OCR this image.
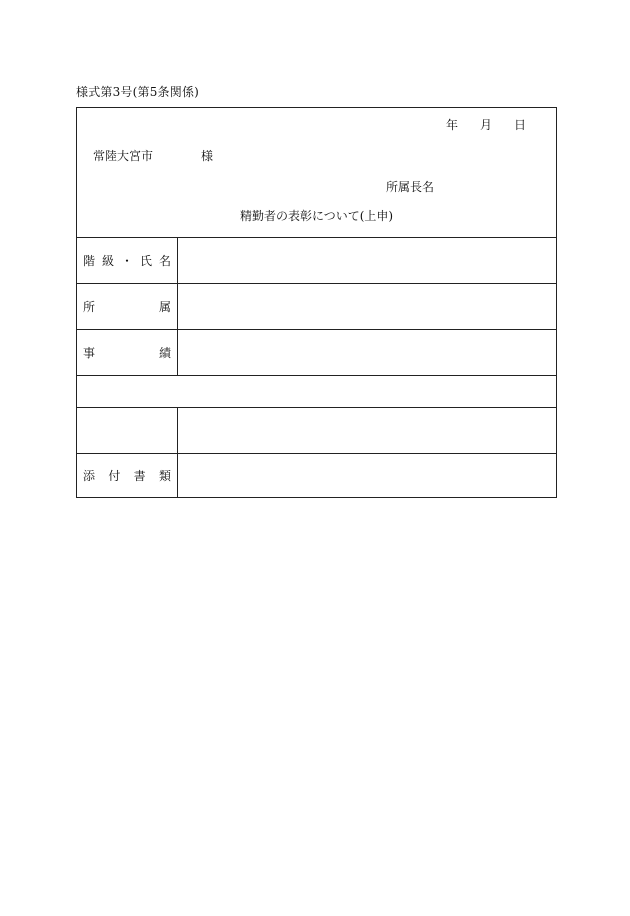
様式第3号(第5条関係)
年 月 日
常陸大宮市	様
所属長名
精勤者の表彰について(上申)
階 級 ・ 氏 名
所	属
事	績
添 付 書 類
